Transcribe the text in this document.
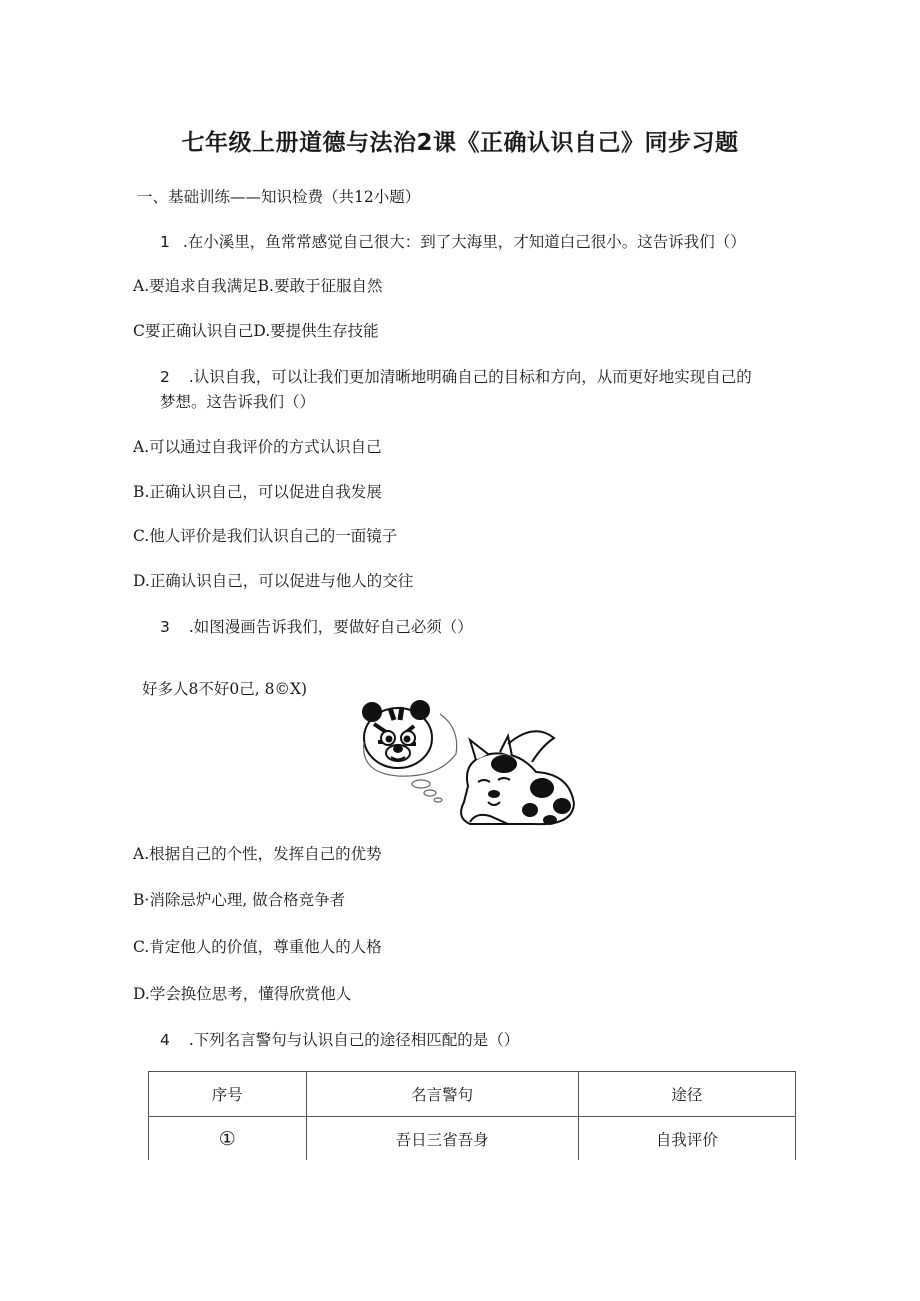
七年级上册道德与法治2课《正确认识自己》同步习题
一、基础训练——知识检费（共12小题）
1 .在小溪里，鱼常常感觉自己很大：到了大海里，才知道白己很小。这告诉我们（）
A.要追求自我满足B.要敢于征服自然
C要正确认识自己D.要提供生存技能
2 .认识自我，可以让我们更加清晰地明确自己的目标和方向，从而更好地实现自己的
梦想。这告诉我们（）
A.可以通过自我评价的方式认识自己
B.正确认识自己，可以促进自我发展
C.他人评价是我们认识自己的一面镜子
D.正确认识自己，可以促进与他人的交往
3 .如图漫画告诉我们，要做好自己必须（）
好多人8不好0己, 8©X)
A.根据自己的个性，发挥自己的优势
B·消除忌炉心理, 做合格竞争者
C.肯定他人的价值，尊重他人的人格
D.学会换位思考，懂得欣赏他人
4 .下列名言警句与认识自己的途径相匹配的是（）
序号	名言警句	途径
①	吾日三省吾身	自我评价
